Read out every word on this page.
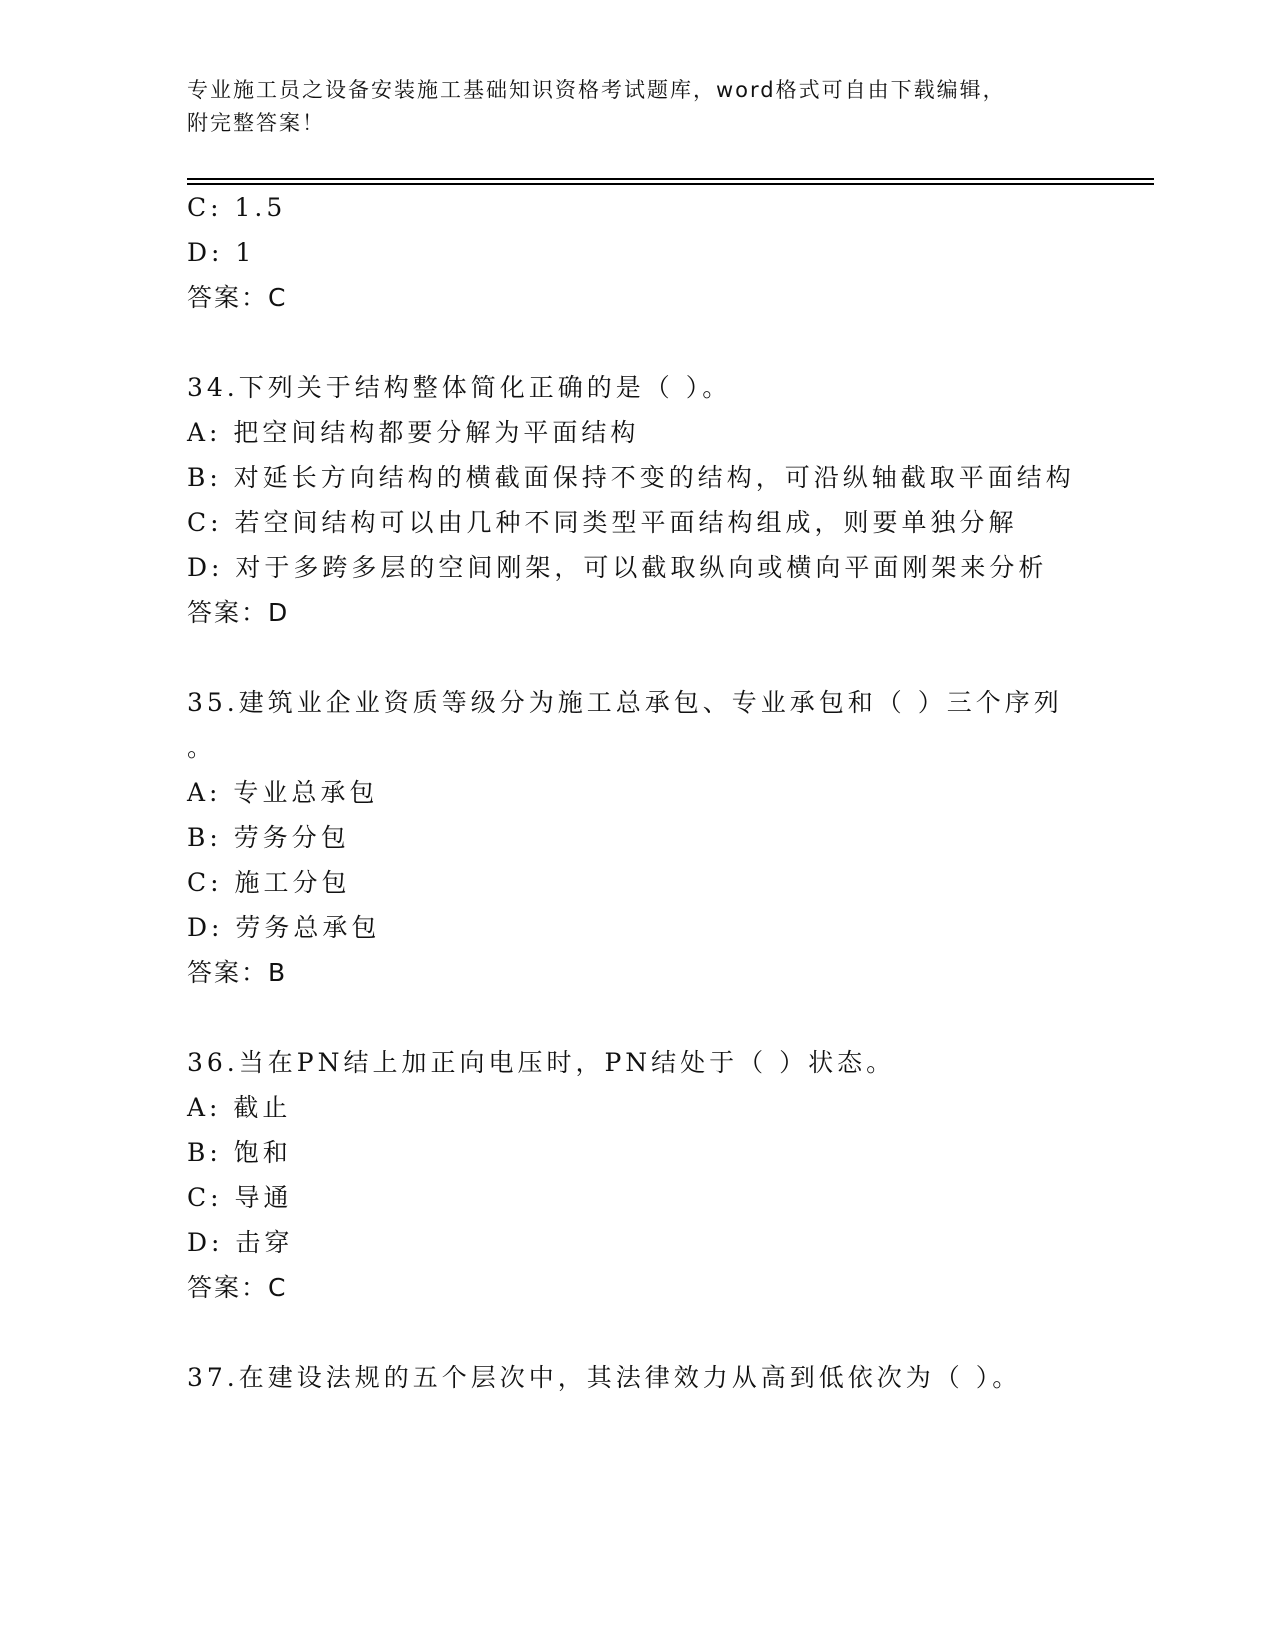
专业施工员之设备安装施工基础知识资格考试题库，word格式可自由下载编辑，
附完整答案！
C: 1.5
D: 1
答案：C
34.下列关于结构整体简化正确的是（ ）。
A: 把空间结构都要分解为平面结构
B: 对延长方向结构的横截面保持不变的结构，可沿纵轴截取平面结构
C: 若空间结构可以由几种不同类型平面结构组成，则要单独分解
D: 对于多跨多层的空间刚架，可以截取纵向或横向平面刚架来分析
答案：D
35.建筑业企业资质等级分为施工总承包、专业承包和（ ）三个序列
。
A: 专业总承包
B: 劳务分包
C: 施工分包
D: 劳务总承包
答案：B
36.当在PN结上加正向电压时，PN结处于（ ）状态。
A: 截止
B: 饱和
C: 导通
D: 击穿
答案：C
37.在建设法规的五个层次中，其法律效力从高到低依次为（ ）。
